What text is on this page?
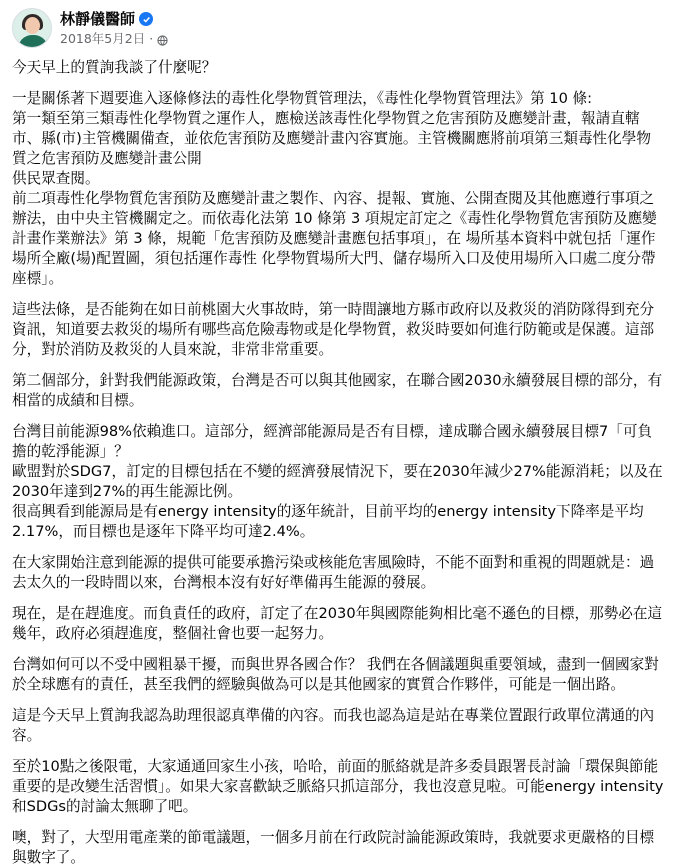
林靜儀醫師
2018年5月2日 ·

今天早上的質詢我談了什麼呢？

一是關係著下週要進入逐條修法的毒性化學物質管理法，《毒性化學物質管理法》第 10 條:
第一類至第三類毒性化學物質之運作人，應檢送該毒性化學物質之危害預防及應變計畫，報請直轄市、縣(市)主管機關備查，並依危害預防及應變計畫內容實施。主管機關應將前項第三類毒性化學物質之危害預防及應變計畫公開
供民眾查閱。
前二項毒性化學物質危害預防及應變計畫之製作、內容、提報、實施、公開查閱及其他應遵行事項之辦法，由中央主管機關定之。而依毒化法第 10 條第 3 項規定訂定之《毒性化學物質危害預防及應變 計畫作業辦法》第 3 條，規範「危害預防及應變計畫應包括事項」，在 場所基本資料中就包括「運作場所全廠(場)配置圖，須包括運作毒性 化學物質場所大門、儲存場所入口及使用場所入口處二度分帶座標」。

這些法條，是否能夠在如日前桃園大火事故時，第一時間讓地方縣市政府以及救災的消防隊得到充分資訊，知道要去救災的場所有哪些高危險毒物或是化學物質，救災時要如何進行防範或是保護。這部分，對於消防及救災的人員來說，非常非常重要。

第二個部分，針對我們能源政策，台灣是否可以與其他國家，在聯合國2030永續發展目標的部分，有相當的成績和目標。

台灣目前能源98%依賴進口。這部分，經濟部能源局是否有目標，達成聯合國永續發展目標7「可負擔的乾淨能源」？
歐盟對於SDG7，訂定的目標包括在不變的經濟發展情況下，要在2030年減少27%能源消耗；以及在2030年達到27%的再生能源比例。
很高興看到能源局是有energy intensity的逐年統計，目前平均的energy intensity下降率是平均2.17%，而目標也是逐年下降平均可達2.4%。

在大家開始注意到能源的提供可能要承擔污染或核能危害風險時，不能不面對和重視的問題就是：過去太久的一段時間以來，台灣根本沒有好好準備再生能源的發展。

現在，是在趕進度。而負責任的政府，訂定了在2030年與國際能夠相比毫不遜色的目標，那勢必在這幾年，政府必須趕進度，整個社會也要一起努力。

台灣如何可以不受中國粗暴干擾，而與世界各國合作？ 我們在各個議題與重要領域，盡到一個國家對於全球應有的責任，甚至我們的經驗與做為可以是其他國家的實質合作夥伴，可能是一個出路。

這是今天早上質詢我認為助理很認真準備的內容。而我也認為這是站在專業位置跟行政單位溝通的內容。

至於10點之後限電，大家通通回家生小孩，哈哈，前面的脈絡就是許多委員跟署長討論「環保與節能重要的是改變生活習慣」。如果大家喜歡缺乏脈絡只抓這部分，我也沒意見啦。可能energy intensity和SDGs的討論太無聊了吧。

噢，對了，大型用電產業的節電議題，一個多月前在行政院討論能源政策時，我就要求更嚴格的目標與數字了。
